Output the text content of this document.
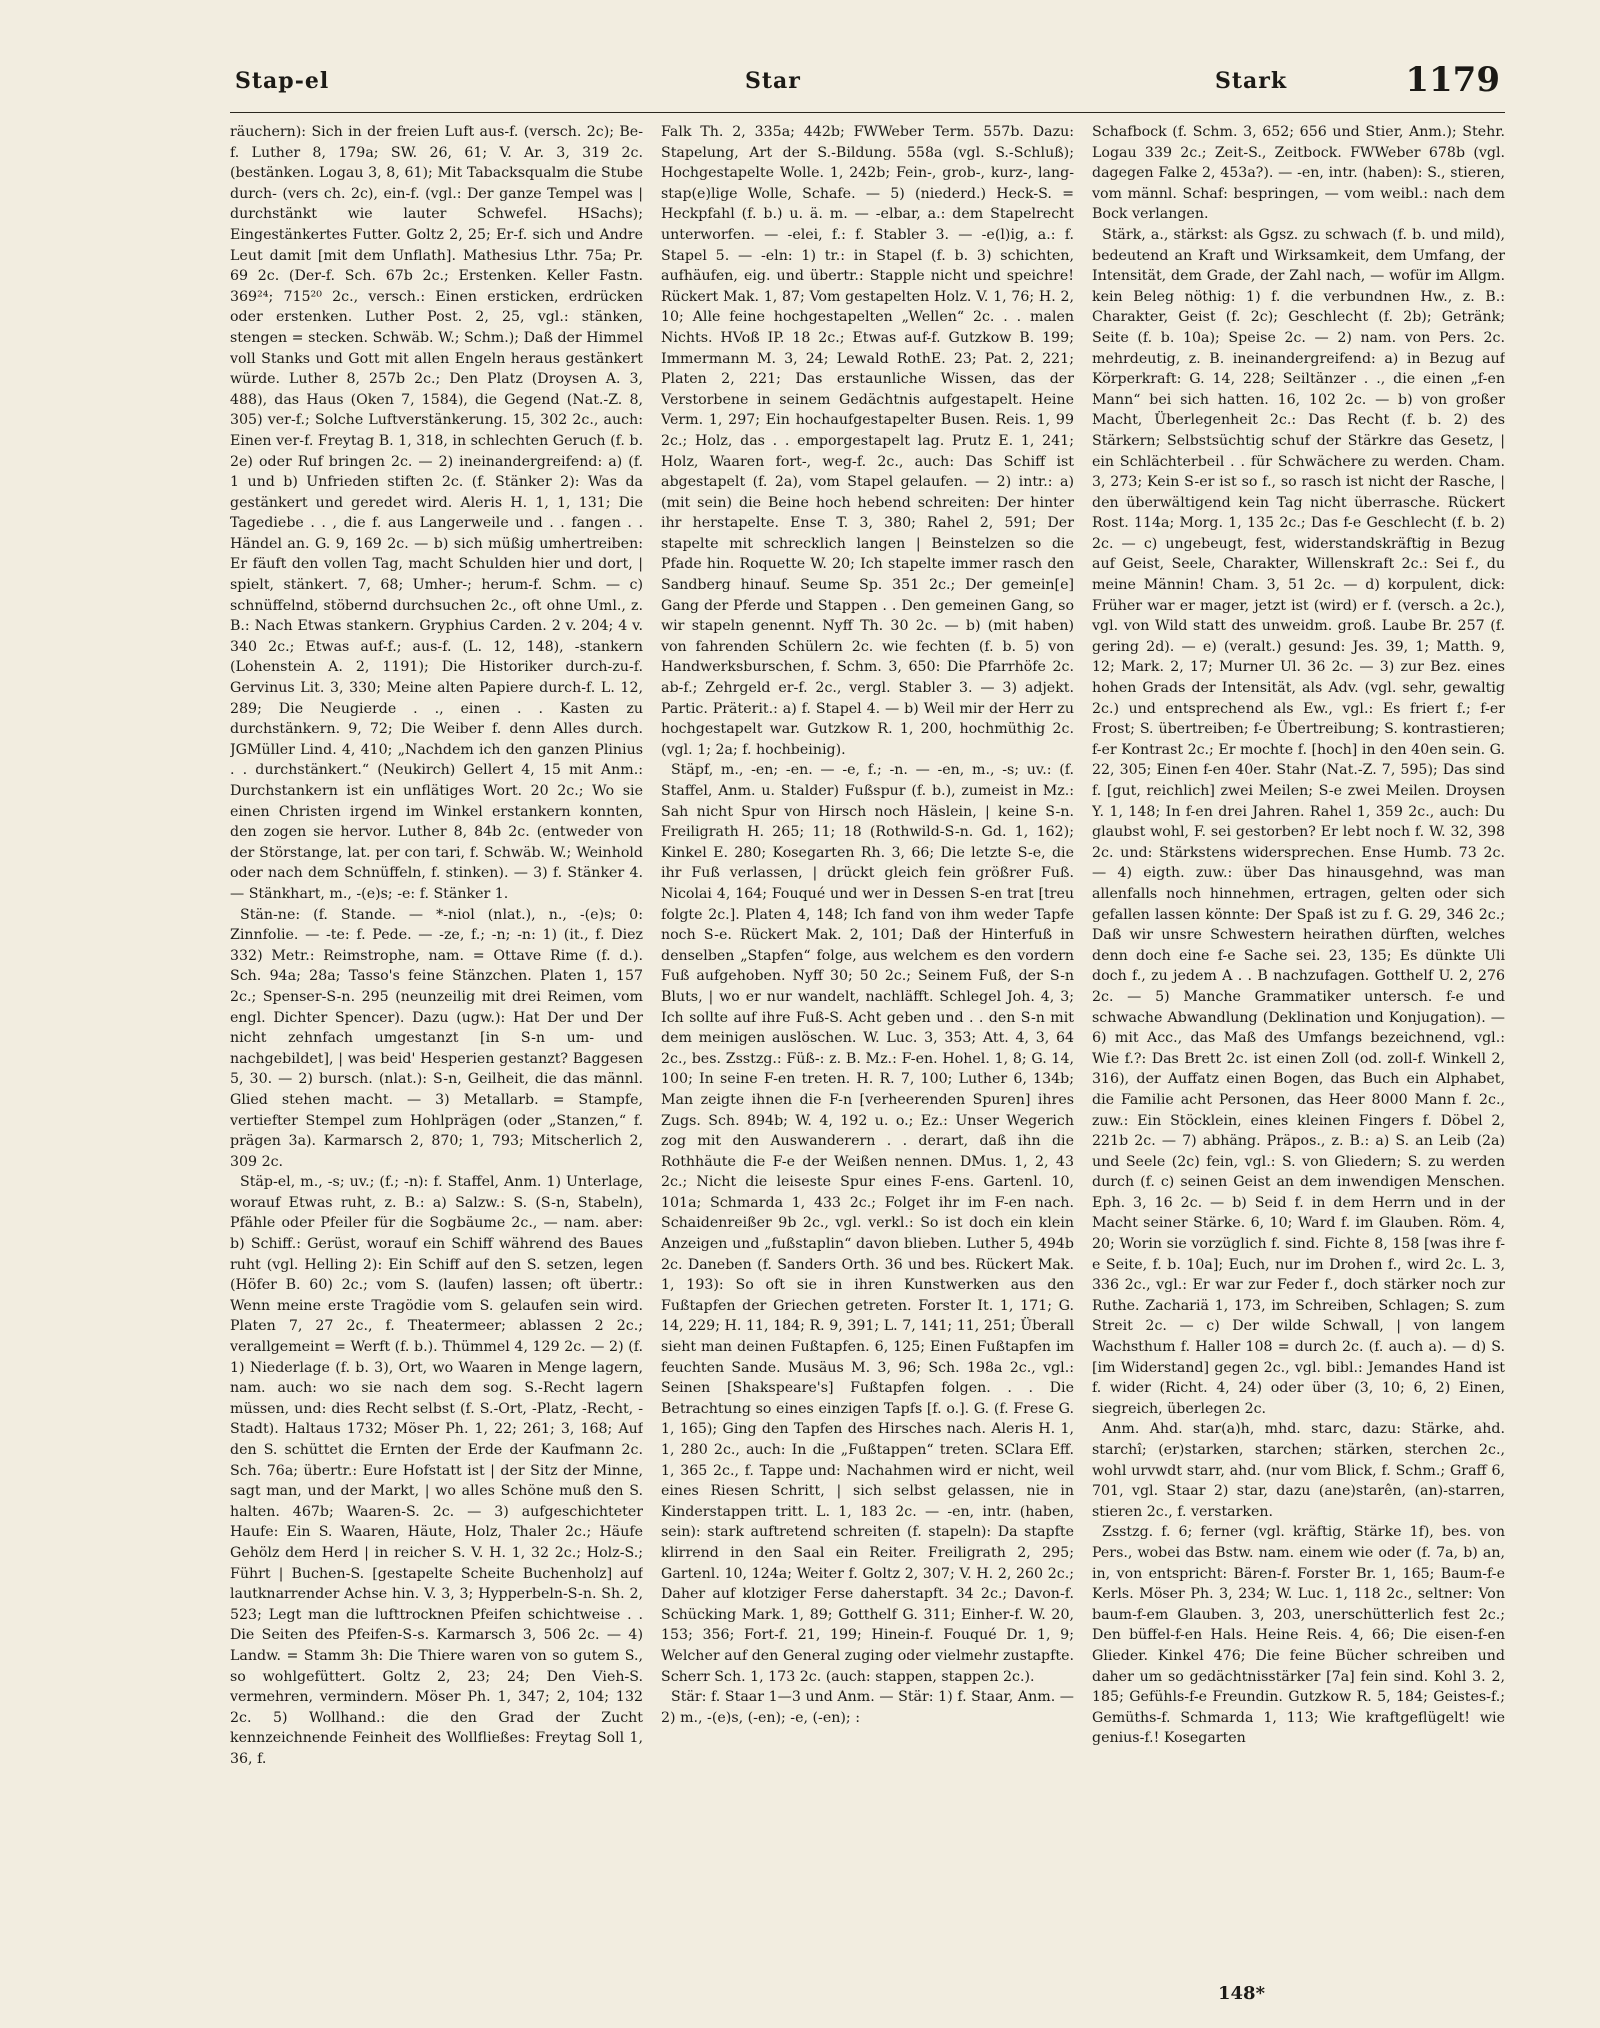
Stap-el	Star	Stark	1179

räuchern): Sich in der freien Luft aus-f. (versch. 2c); Be-f. Luther 8, 179a; SW. 26, 61; V. Ar. 3, 319 2c. (bestänken. Logau 3, 8, 61); Mit Tabacksqualm die Stube durch- (vers ch. 2c), ein-f. (vgl.: Der ganze Tempel was | durchstänkt wie lauter Schwefel. HSachs); Eingestänkertes Futter. Goltz 2, 25; Er-f. sich und Andre Leut damit [mit dem Unflath]. Mathesius Lthr. 75a; Pr. 69 2c. (Der-f. Sch. 67b 2c.; Erstenken. Keller Fastn. 369²⁴; 715²⁰ 2c., versch.: Einen ersticken, erdrücken oder erstenken. Luther Post. 2, 25, vgl.: stänken, stengen = stecken. Schwäb. W.; Schm.); Daß der Himmel voll Stanks und Gott mit allen Engeln heraus gestänkert würde. Luther 8, 257b 2c.; Den Platz (Droysen A. 3, 488), das Haus (Oken 7, 1584), die Gegend (Nat.-Z. 8, 305) ver-f.; Solche Luftverstänkerung. 15, 302 2c., auch: Einen ver-f. Freytag B. 1, 318, in schlechten Geruch (f. b. 2e) oder Ruf bringen 2c. — 2) ineinandergreifend: a) (f. 1 und b) Unfrieden stiften 2c. (f. Stänker 2): Was da gestänkert und geredet wird. Aleris H. 1, 1, 131; Die Tagediebe . . , die f. aus Langerweile und . . fangen . . Händel an. G. 9, 169 2c. — b) sich müßig umhertreiben: Er fäuft den vollen Tag, macht Schulden hier und dort, | spielt, stänkert. 7, 68; Umher-; herum-f. Schm. — c) schnüffelnd, stöbernd durchsuchen 2c., oft ohne Uml., z. B.: Nach Etwas stankern. Gryphius Carden. 2 v. 204; 4 v. 340 2c.; Etwas auf-f.; aus-f. (L. 12, 148), -stankern (Lohenstein A. 2, 1191); Die Historiker durch-zu-f. Gervinus Lit. 3, 330; Meine alten Papiere durch-f. L. 12, 289; Die Neugierde . ., einen . . Kasten zu durchstänkern. 9, 72; Die Weiber f. denn Alles durch. JGMüller Lind. 4, 410; „Nachdem ich den ganzen Plinius . . durchstänkert.“ (Neukirch) Gellert 4, 15 mit Anm.: Durchstankern ist ein unflätiges Wort. 20 2c.; Wo sie einen Christen irgend im Winkel erstankern konnten, den zogen sie hervor. Luther 8, 84b 2c. (entweder von der Störstange, lat. per con tari, f. Schwäb. W.; Weinhold oder nach dem Schnüffeln, f. stinken). — 3) f. Stänker 4. — Stänkhart, m., -(e)s; -e: f. Stänker 1.

Stän-ne: (f. Stande. — *-niol (nlat.), n., -(e)s; 0: Zinnfolie. — -te: f. Pede. — -ze, f.; -n; -n: 1) (it., f. Diez 332) Metr.: Reimstrophe, nam. = Ottave Rime (f. d.). Sch. 94a; 28a; Tasso's feine Stänzchen. Platen 1, 157 2c.; Spenser-S-n. 295 (neunzeilig mit drei Reimen, vom engl. Dichter Spencer). Dazu (ugw.): Hat Der und Der nicht zehnfach umgestanzt [in S-n um- und nachgebildet], | was beid' Hesperien gestanzt? Baggesen 5, 30. — 2) bursch. (nlat.): S-n, Geilheit, die das männl. Glied stehen macht. — 3) Metallarb. = Stampfe, vertiefter Stempel zum Hohlprägen (oder „Stanzen,“ f. prägen 3a). Karmarsch 2, 870; 1, 793; Mitscherlich 2, 309 2c.

Stäp-el, m., -s; uv.; (f.; -n): f. Staffel, Anm. 1) Unterlage, worauf Etwas ruht, z. B.: a) Salzw.: S. (S-n, Stabeln), Pfähle oder Pfeiler für die Sogbäume 2c., — nam. aber: b) Schiff.: Gerüst, worauf ein Schiff während des Baues ruht (vgl. Helling 2): Ein Schiff auf den S. setzen, legen (Höfer B. 60) 2c.; vom S. (laufen) lassen; oft übertr.: Wenn meine erste Tragödie vom S. gelaufen sein wird. Platen 7, 27 2c., f. Theatermeer; ablassen 2 2c.; verallgemeint = Werft (f. b.). Thümmel 4, 129 2c. — 2) (f. 1) Niederlage (f. b. 3), Ort, wo Waaren in Menge lagern, nam. auch: wo sie nach dem sog. S.-Recht lagern müssen, und: dies Recht selbst (f. S.-Ort, -Platz, -Recht, -Stadt). Haltaus 1732; Möser Ph. 1, 22; 261; 3, 168; Auf den S. schüttet die Ernten der Erde der Kaufmann 2c. Sch. 76a; übertr.: Eure Hofstatt ist | der Sitz der Minne, sagt man, und der Markt, | wo alles Schöne muß den S. halten. 467b; Waaren-S. 2c. — 3) aufgeschichteter Haufe: Ein S. Waaren, Häute, Holz, Thaler 2c.; Häufe Gehölz dem Herd | in reicher S. V. H. 1, 32 2c.; Holz-S.; Führt | Buchen-S. [gestapelte Scheite Buchenholz] auf lautknarrender Achse hin. V. 3, 3; Hypperbeln-S-n. Sh. 2, 523; Legt man die lufttrocknen Pfeifen schichtweise . . Die Seiten des Pfeifen-S-s. Karmarsch 3, 506 2c. — 4) Landw. = Stamm 3h: Die Thiere waren von so gutem S., so wohlgefüttert. Goltz 2, 23; 24; Den Vieh-S. vermehren, vermindern. Möser Ph. 1, 347; 2, 104; 132 2c. 5) Wollhand.: die den Grad der Zucht kennzeichnende Feinheit des Wollfließes: Freytag Soll 1, 36, f.

Falk Th. 2, 335a; 442b; FWWeber Term. 557b. Dazu: Stapelung, Art der S.-Bildung. 558a (vgl. S.-Schluß); Hochgestapelte Wolle. 1, 242b; Fein-, grob-, kurz-, lang-stap(e)lige Wolle, Schafe. — 5) (niederd.) Heck-S. = Heckpfahl (f. b.) u. ä. m. — -elbar, a.: dem Stapelrecht unterworfen. — -elei, f.: f. Stabler 3. — -e(l)ig, a.: f. Stapel 5. — -eln: 1) tr.: in Stapel (f. b. 3) schichten, aufhäufen, eig. und übertr.: Stapple nicht und speichre! Rückert Mak. 1, 87; Vom gestapelten Holz. V. 1, 76; H. 2, 10; Alle feine hochgestapelten „Wellen“ 2c. . . malen Nichts. HVoß IP. 18 2c.; Etwas auf-f. Gutzkow B. 199; Immermann M. 3, 24; Lewald RothE. 23; Pat. 2, 221; Platen 2, 221; Das erstaunliche Wissen, das der Verstorbene in seinem Gedächtnis aufgestapelt. Heine Verm. 1, 297; Ein hochaufgestapelter Busen. Reis. 1, 99 2c.; Holz, das . . emporgestapelt lag. Prutz E. 1, 241; Holz, Waaren fort-, weg-f. 2c., auch: Das Schiff ist abgestapelt (f. 2a), vom Stapel gelaufen. — 2) intr.: a) (mit sein) die Beine hoch hebend schreiten: Der hinter ihr herstapelte. Ense T. 3, 380; Rahel 2, 591; Der stapelte mit schrecklich langen | Beinstelzen so die Pfade hin. Roquette W. 20; Ich stapelte immer rasch den Sandberg hinauf. Seume Sp. 351 2c.; Der gemein[e] Gang der Pferde und Stappen . . Den gemeinen Gang, so wir stapeln genennt. Nyff Th. 30 2c. — b) (mit haben) von fahrenden Schülern 2c. wie fechten (f. b. 5) von Handwerksburschen, f. Schm. 3, 650: Die Pfarrhöfe 2c. ab-f.; Zehrgeld er-f. 2c., vergl. Stabler 3. — 3) adjekt. Partic. Präterit.: a) f. Stapel 4. — b) Weil mir der Herr zu hochgestapelt war. Gutzkow R. 1, 200, hochmüthig 2c. (vgl. 1; 2a; f. hochbeinig).

Stäpf, m., -en; -en. — -e, f.; -n. — -en, m., -s; uv.: (f. Staffel, Anm. u. Stalder) Fußspur (f. b.), zumeist in Mz.: Sah nicht Spur von Hirsch noch Häslein, | keine S-n. Freiligrath H. 265; 11; 18 (Rothwild-S-n. Gd. 1, 162); Kinkel E. 280; Kosegarten Rh. 3, 66; Die letzte S-e, die ihr Fuß verlassen, | drückt gleich fein größrer Fuß. Nicolai 4, 164; Fouqué und wer in Dessen S-en trat [treu folgte 2c.]. Platen 4, 148; Ich fand von ihm weder Tapfe noch S-e. Rückert Mak. 2, 101; Daß der Hinterfuß in denselben „Stapfen“ folge, aus welchem es den vordern Fuß aufgehoben. Nyff 30; 50 2c.; Seinem Fuß, der S-n Bluts, | wo er nur wandelt, nachläfft. Schlegel Joh. 4, 3; Ich sollte auf ihre Fuß-S. Acht geben und . . den S-n mit dem meinigen auslöschen. W. Luc. 3, 353; Att. 4, 3, 64 2c., bes. Zsstzg.: Füß-: z. B. Mz.: F-en. Hohel. 1, 8; G. 14, 100; In seine F-en treten. H. R. 7, 100; Luther 6, 134b; Man zeigte ihnen die F-n [verheerenden Spuren] ihres Zugs. Sch. 894b; W. 4, 192 u. o.; Ez.: Unser Wegerich zog mit den Auswanderern . . derart, daß ihn die Rothhäute die F-e der Weißen nennen. DMus. 1, 2, 43 2c.; Nicht die leiseste Spur eines F-ens. Gartenl. 10, 101a; Schmarda 1, 433 2c.; Folget ihr im F-en nach. Schaidenreißer 9b 2c., vgl. verkl.: So ist doch ein klein Anzeigen und „fußstaplin“ davon blieben. Luther 5, 494b 2c. Daneben (f. Sanders Orth. 36 und bes. Rückert Mak. 1, 193): So oft sie in ihren Kunstwerken aus den Fußtapfen der Griechen getreten. Forster It. 1, 171; G. 14, 229; H. 11, 184; R. 9, 391; L. 7, 141; 11, 251; Überall sieht man deinen Fußtapfen. 6, 125; Einen Fußtapfen im feuchten Sande. Musäus M. 3, 96; Sch. 198a 2c., vgl.: Seinen [Shakspeare's] Fußtapfen folgen. . . Die Betrachtung so eines einzigen Tapfs [f. o.]. G. (f. Frese G. 1, 165); Ging den Tapfen des Hirsches nach. Aleris H. 1, 1, 280 2c., auch: In die „Fußtappen“ treten. SClara Eff. 1, 365 2c., f. Tappe und: Nachahmen wird er nicht, weil eines Riesen Schritt, | sich selbst gelassen, nie in Kinderstappen tritt. L. 1, 183 2c. — -en, intr. (haben, sein): stark auftretend schreiten (f. stapeln): Da stapfte klirrend in den Saal ein Reiter. Freiligrath 2, 295; Gartenl. 10, 124a; Weiter f. Goltz 2, 307; V. H. 2, 260 2c.; Daher auf klotziger Ferse daherstapft. 34 2c.; Davon-f. Schücking Mark. 1, 89; Gotthelf G. 311; Einher-f. W. 20, 153; 356; Fort-f. 21, 199; Hinein-f. Fouqué Dr. 1, 9; Welcher auf den General zuging oder vielmehr zustapfte. Scherr Sch. 1, 173 2c. (auch: stappen, stappen 2c.).

Stär: f. Staar 1—3 und Anm. — Stär: 1) f. Staar, Anm. — 2) m., -(e)s, (-en); -e, (-en); :

Schafbock (f. Schm. 3, 652; 656 und Stier, Anm.); Stehr. Logau 339 2c.; Zeit-S., Zeitbock. FWWeber 678b (vgl. dagegen Falke 2, 453a?). — -en, intr. (haben): S., stieren, vom männl. Schaf: bespringen, — vom weibl.: nach dem Bock verlangen.

Stärk, a., stärkst: als Ggsz. zu schwach (f. b. und mild), bedeutend an Kraft und Wirksamkeit, dem Umfang, der Intensität, dem Grade, der Zahl nach, — wofür im Allgm. kein Beleg nöthig: 1) f. die verbundnen Hw., z. B.: Charakter, Geist (f. 2c); Geschlecht (f. 2b); Getränk; Seite (f. b. 10a); Speise 2c. — 2) nam. von Pers. 2c. mehrdeutig, z. B. ineinandergreifend: a) in Bezug auf Körperkraft: G. 14, 228; Seiltänzer . ., die einen „f-en Mann“ bei sich hatten. 16, 102 2c. — b) von großer Macht, Überlegenheit 2c.: Das Recht (f. b. 2) des Stärkern; Selbstsüchtig schuf der Stärkre das Gesetz, | ein Schlächterbeil . . für Schwächere zu werden. Cham. 3, 273; Kein S-er ist so f., so rasch ist nicht der Rasche, | den überwältigend kein Tag nicht überrasche. Rückert Rost. 114a; Morg. 1, 135 2c.; Das f-e Geschlecht (f. b. 2) 2c. — c) ungebeugt, fest, widerstandskräftig in Bezug auf Geist, Seele, Charakter, Willenskraft 2c.: Sei f., du meine Männin! Cham. 3, 51 2c. — d) korpulent, dick: Früher war er mager, jetzt ist (wird) er f. (versch. a 2c.), vgl. von Wild statt des unweidm. groß. Laube Br. 257 (f. gering 2d). — e) (veralt.) gesund: Jes. 39, 1; Matth. 9, 12; Mark. 2, 17; Murner Ul. 36 2c. — 3) zur Bez. eines hohen Grads der Intensität, als Adv. (vgl. sehr, gewaltig 2c.) und entsprechend als Ew., vgl.: Es friert f.; f-er Frost; S. übertreiben; f-e Übertreibung; S. kontrastieren; f-er Kontrast 2c.; Er mochte f. [hoch] in den 40en sein. G. 22, 305; Einen f-en 40er. Stahr (Nat.-Z. 7, 595); Das sind f. [gut, reichlich] zwei Meilen; S-e zwei Meilen. Droysen Y. 1, 148; In f-en drei Jahren. Rahel 1, 359 2c., auch: Du glaubst wohl, F. sei gestorben? Er lebt noch f. W. 32, 398 2c. und: Stärkstens widersprechen. Ense Humb. 73 2c. — 4) eigth. zuw.: über Das hinausgehnd, was man allenfalls noch hinnehmen, ertragen, gelten oder sich gefallen lassen könnte: Der Spaß ist zu f. G. 29, 346 2c.; Daß wir unsre Schwestern heirathen dürften, welches denn doch eine f-e Sache sei. 23, 135; Es dünkte Uli doch f., zu jedem A . . B nachzufagen. Gotthelf U. 2, 276 2c. — 5) Manche Grammatiker untersch. f-e und schwache Abwandlung (Deklination und Konjugation). — 6) mit Acc., das Maß des Umfangs bezeichnend, vgl.: Wie f.?: Das Brett 2c. ist einen Zoll (od. zoll-f. Winkell 2, 316), der Auffatz einen Bogen, das Buch ein Alphabet, die Familie acht Personen, das Heer 8000 Mann f. 2c., zuw.: Ein Stöcklein, eines kleinen Fingers f. Döbel 2, 221b 2c. — 7) abhäng. Präpos., z. B.: a) S. an Leib (2a) und Seele (2c) fein, vgl.: S. von Gliedern; S. zu werden durch (f. c) seinen Geist an dem inwendigen Menschen. Eph. 3, 16 2c. — b) Seid f. in dem Herrn und in der Macht seiner Stärke. 6, 10; Ward f. im Glauben. Röm. 4, 20; Worin sie vorzüglich f. sind. Fichte 8, 158 [was ihre f-e Seite, f. b. 10a]; Euch, nur im Drohen f., wird 2c. L. 3, 336 2c., vgl.: Er war zur Feder f., doch stärker noch zur Ruthe. Zachariä 1, 173, im Schreiben, Schlagen; S. zum Streit 2c. — c) Der wilde Schwall, | von langem Wachsthum f. Haller 108 = durch 2c. (f. auch a). — d) S. [im Widerstand] gegen 2c., vgl. bibl.: Jemandes Hand ist f. wider (Richt. 4, 24) oder über (3, 10; 6, 2) Einen, siegreich, überlegen 2c.

Anm. Ahd. star(a)h, mhd. starc, dazu: Stärke, ahd. starchî; (er)starken, starchen; stärken, sterchen 2c., wohl urvwdt starr, ahd. (nur vom Blick, f. Schm.; Graff 6, 701, vgl. Staar 2) star, dazu (ane)starên, (an)-starren, stieren 2c., f. verstarken.

Zsstzg. f. 6; ferner (vgl. kräftig, Stärke 1f), bes. von Pers., wobei das Bstw. nam. einem wie oder (f. 7a, b) an, in, von entspricht: Bären-f. Forster Br. 1, 165; Baum-f-e Kerls. Möser Ph. 3, 234; W. Luc. 1, 118 2c., seltner: Von baum-f-em Glauben. 3, 203, unerschütterlich fest 2c.; Den büffel-f-en Hals. Heine Reis. 4, 66; Die eisen-f-en Glieder. Kinkel 476; Die feine Bücher schreiben und daher um so gedächtnisstärker [7a] fein sind. Kohl 3. 2, 185; Gefühls-f-e Freundin. Gutzkow R. 5, 184; Geistes-f.; Gemüths-f. Schmarda 1, 113; Wie kraftgeflügelt! wie genius-f.! Kosegarten

148*
